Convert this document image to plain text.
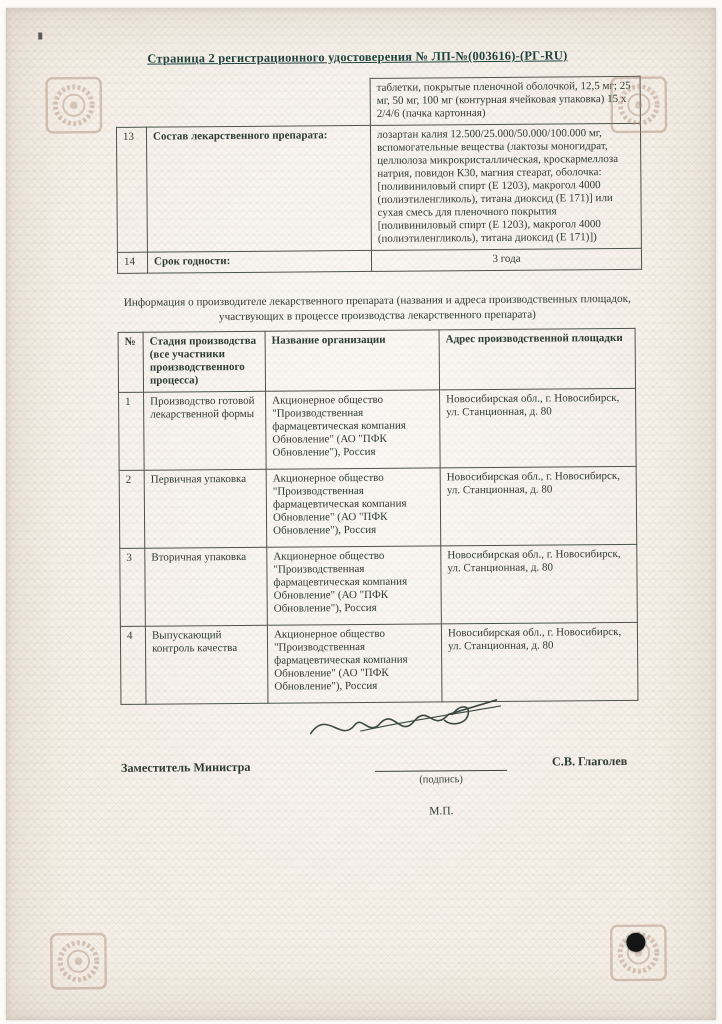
Страница 2 регистрационного удостоверения № ЛП-№(003616)-(РГ-RU)
		таблетки, покрытые пленочной оболочкой, 12,5 мг; 25 мг, 50 мг, 100 мг (контурная ячейковая упаковка) 15 х 2/4/6 (пачка картонная)
13	Состав лекарственного препарата:	лозартан калия 12.500/25.000/50.000/100.000 мг, вспомогательные вещества (лактозы моногидрат, целлюлоза микрокристаллическая, кроскармеллоза натрия, повидон К30, магния стеарат, оболочка: [поливиниловый спирт (Е 1203), макрогол 4000 (полиэтиленгликоль), титана диоксид (Е 171)] или сухая смесь для пленочного покрытия [поливиниловый спирт (Е 1203), макрогол 4000 (полиэтиленгликоль), титана диоксид (Е 171)])
14	Срок годности:	3 года
Информация о производителе лекарственного препарата (названия и адреса производственных площадок, участвующих в процессе производства лекарственного препарата)
№	Стадия производства (все участники производственного процесса)	Название организации	Адрес производственной площадки
1	Производство готовой лекарственной формы	Акционерное общество "Производственная фармацевтическая компания Обновление" (АО "ПФК Обновление"), Россия	Новосибирская обл., г. Новосибирск, ул. Станционная, д. 80
2	Первичная упаковка	Акционерное общество "Производственная фармацевтическая компания Обновление" (АО "ПФК Обновление"), Россия	Новосибирская обл., г. Новосибирск, ул. Станционная, д. 80
3	Вторичная упаковка	Акционерное общество "Производственная фармацевтическая компания Обновление" (АО "ПФК Обновление"), Россия	Новосибирская обл., г. Новосибирск, ул. Станционная, д. 80
4	Выпускающий контроль качества	Акционерное общество "Производственная фармацевтическая компания Обновление" (АО "ПФК Обновление"), Россия	Новосибирская обл., г. Новосибирск, ул. Станционная, д. 80
Заместитель Министра
(подпись)
С.В. Глаголев
М.П.
